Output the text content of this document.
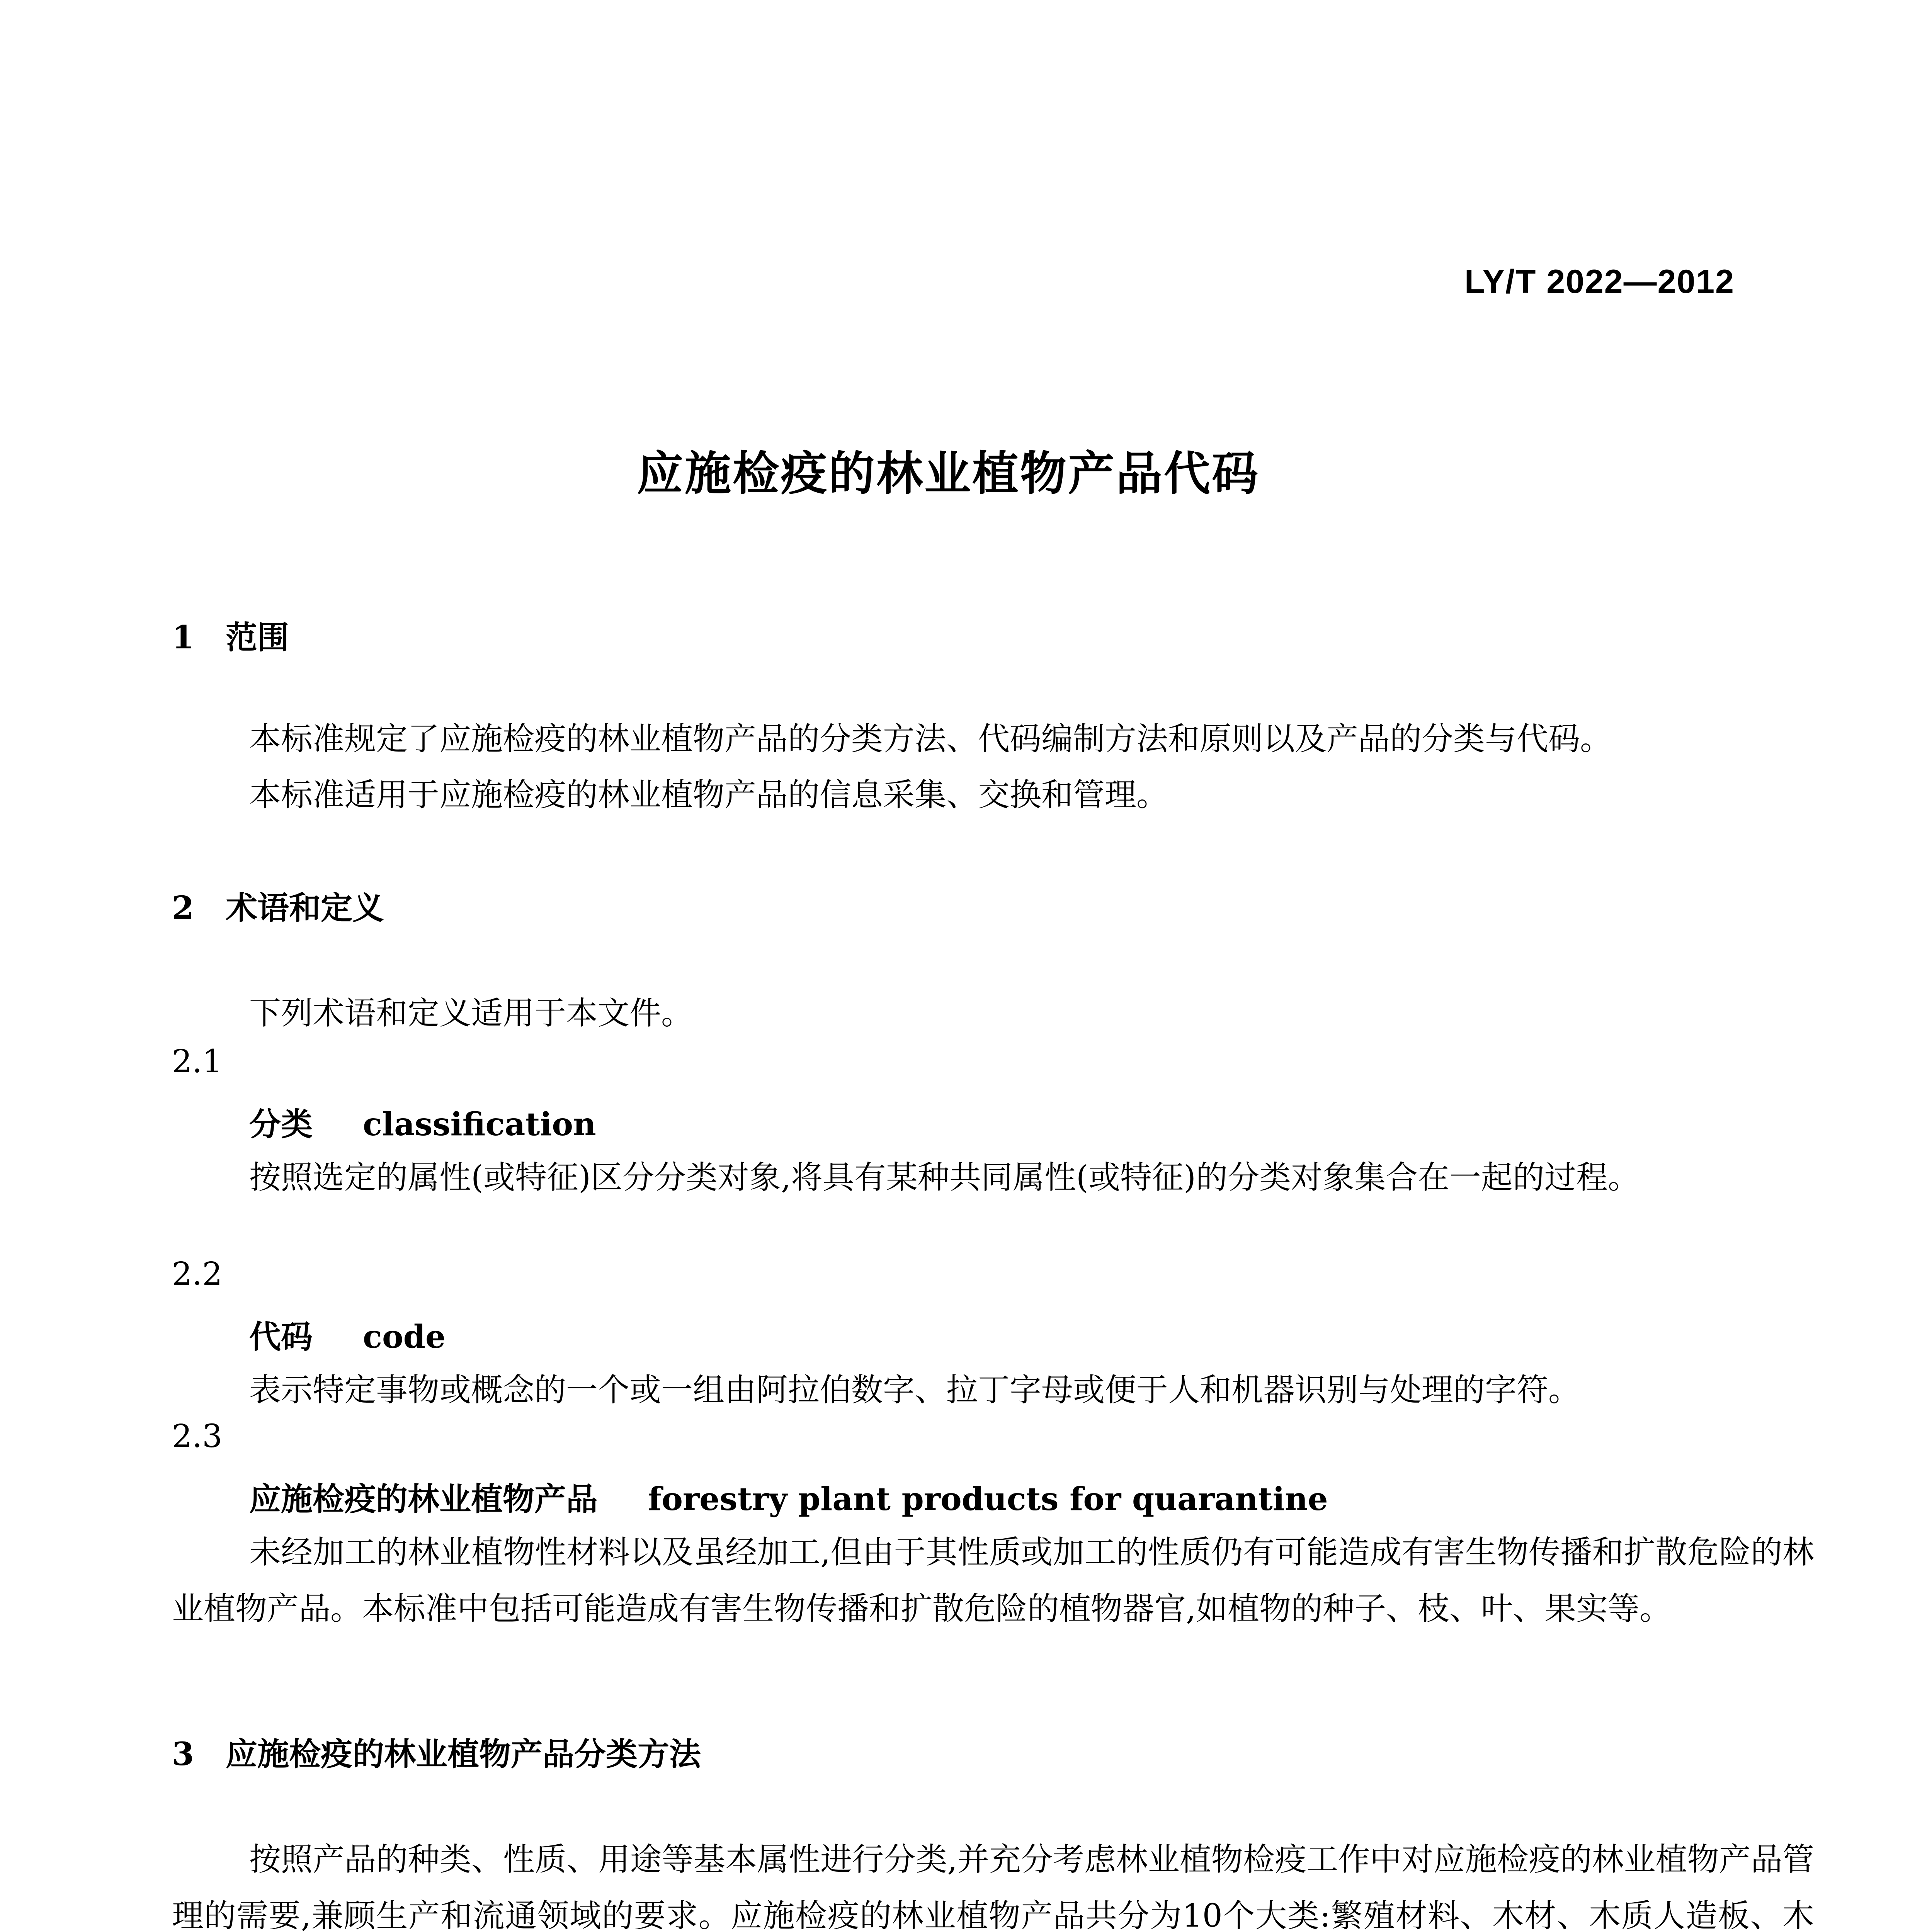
LY/T 2022—2012
应施检疫的林业植物产品代码
1　范围
本标准规定了应施检疫的林业植物产品的分类方法、代码编制方法和原则以及产品的分类与代码。
本标准适用于应施检疫的林业植物产品的信息采集、交换和管理。
2　术语和定义
下列术语和定义适用于本文件。
2.1
分类 classification
按照选定的属性(或特征)区分分类对象,将具有某种共同属性(或特征)的分类对象集合在一起的过程。
2.2
代码 code
表示特定事物或概念的一个或一组由阿拉伯数字、拉丁字母或便于人和机器识别与处理的字符。
2.3
应施检疫的林业植物产品 forestry plant products for quarantine
未经加工的林业植物性材料以及虽经加工,但由于其性质或加工的性质仍有可能造成有害生物传播和扩散危险的林业植物产品。本标准中包括可能造成有害生物传播和扩散危险的植物器官,如植物的种子、枝、叶、果实等。
3　应施检疫的林业植物产品分类方法
按照产品的种类、性质、用途等基本属性进行分类,并充分考虑林业植物检疫工作中对应施检疫的林业植物产品管理的需要,兼顾生产和流通领域的要求。应施检疫的林业植物产品共分为10个大类:繁殖材料、木材、木质人造板、木
